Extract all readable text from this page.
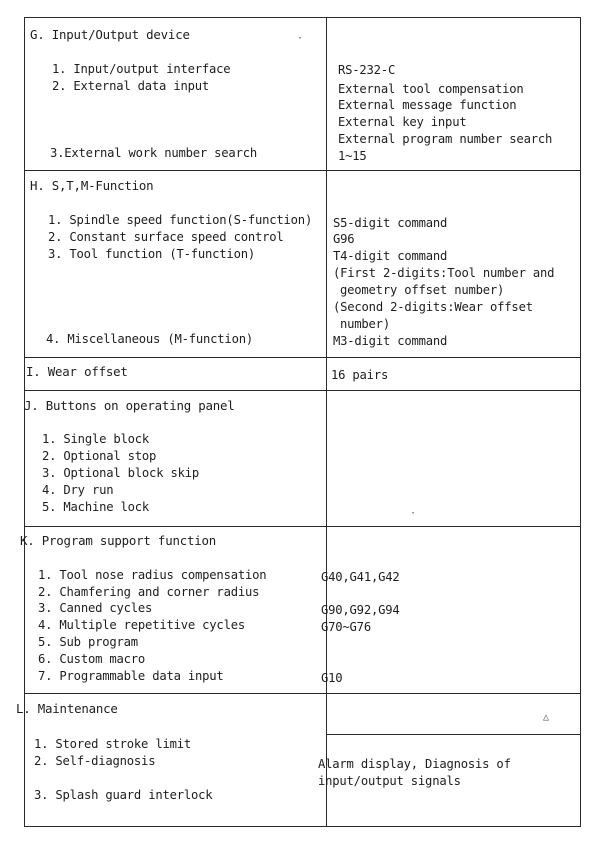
G. Input/Output device
1. Input/output interface
2. External data input
3.External work number search
RS-232-C
External tool compensation
External message function
External key input
External program number search
1~15
H. S,T,M-Function
1. Spindle speed function(S-function)
2. Constant surface speed control
3. Tool function (T-function)
4. Miscellaneous (M-function)
S5-digit command
G96
T4-digit command
(First 2-digits:Tool number and
geometry offset number)
(Second 2-digits:Wear offset
number)
M3-digit command
I. Wear offset	16 pairs
J. Buttons on operating panel
1. Single block
2. Optional stop
3. Optional block skip
4. Dry run
5. Machine lock
K. Program support function
1. Tool nose radius compensation
2. Chamfering and corner radius
3. Canned cycles
4. Multiple repetitive cycles
5. Sub program
6. Custom macro
7. Programmable data input
G40,G41,G42
G90,G92,G94
G70~G76
G10
L. Maintenance
1. Stored stroke limit
2. Self-diagnosis
3. Splash guard interlock
Alarm display, Diagnosis of
input/output signals
·
△
·
